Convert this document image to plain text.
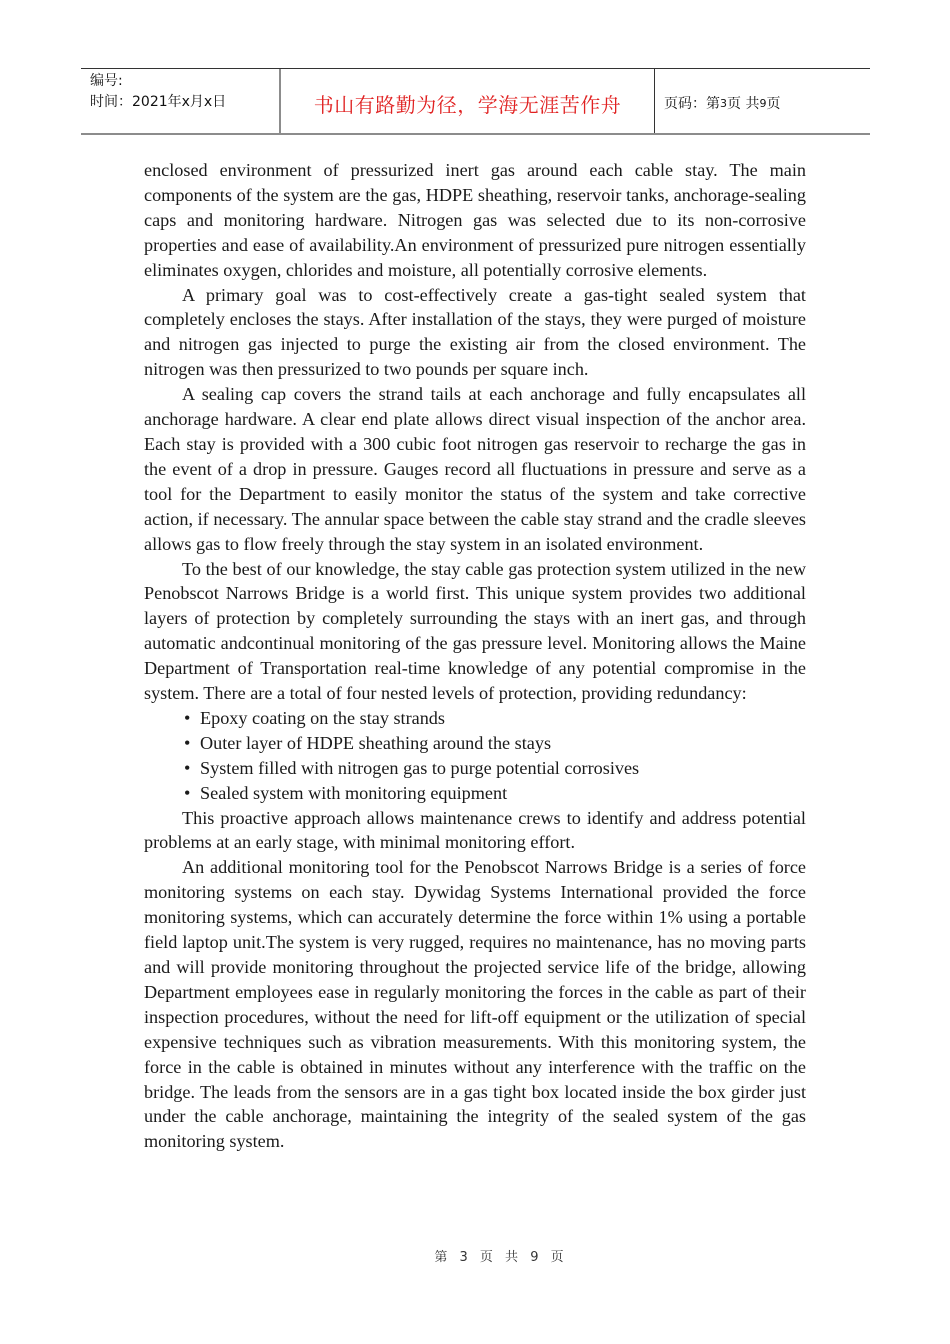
编号:
时间：2021年x月x日	书山有路勤为径，学海无涯苦作舟	页码：第 3 页 共 9 页

enclosed environment of pressurized inert gas around each cable stay. The main components of the system are the gas, HDPE sheathing, reservoir tanks, anchorage-sealing caps and monitoring hardware. Nitrogen gas was selected due to its non-corrosive properties and ease of availability.An environment of pressurized pure nitrogen essentially eliminates oxygen, chlorides and moisture, all potentially corrosive elements.

A primary goal was to cost-effectively create a gas-tight sealed system that completely encloses the stays. After installation of the stays, they were purged of moisture and nitrogen gas injected to purge the existing air from the closed environment. The nitrogen was then pressurized to two pounds per square inch.

A sealing cap covers the strand tails at each anchorage and fully encapsulates all anchorage hardware. A clear end plate allows direct visual inspection of the anchor area. Each stay is provided with a 300 cubic foot nitrogen gas reservoir to recharge the gas in the event of a drop in pressure. Gauges record all fluctuations in pressure and serve as a tool for the Department to easily monitor the status of the system and take corrective action, if necessary. The annular space between the cable stay strand and the cradle sleeves allows gas to flow freely through the stay system in an isolated environment.

To the best of our knowledge, the stay cable gas protection system utilized in the new Penobscot Narrows Bridge is a world first. This unique system provides two additional layers of protection by completely surrounding the stays with an inert gas, and through automatic andcontinual monitoring of the gas pressure level. Monitoring allows the Maine Department of Transportation real-time knowledge of any potential compromise in the system. There are a total of four nested levels of protection, providing redundancy:

• Epoxy coating on the stay strands
• Outer layer of HDPE sheathing around the stays
• System filled with nitrogen gas to purge potential corrosives
• Sealed system with monitoring equipment

This proactive approach allows maintenance crews to identify and address potential problems at an early stage, with minimal monitoring effort.

An additional monitoring tool for the Penobscot Narrows Bridge is a series of force monitoring systems on each stay. Dywidag Systems International provided the force monitoring systems, which can accurately determine the force within 1% using a portable field laptop unit.The system is very rugged, requires no maintenance, has no moving parts and will provide monitoring throughout the projected service life of the bridge, allowing Department employees ease in regularly monitoring the forces in the cable as part of their inspection procedures, without the need for lift-off equipment or the utilization of special expensive techniques such as vibration measurements. With this monitoring system, the force in the cable is obtained in minutes without any interference with the traffic on the bridge. The leads from the sensors are in a gas tight box located inside the box girder just under the cable anchorage, maintaining the integrity of the sealed system of the gas monitoring system.

第 3 页 共 9 页
